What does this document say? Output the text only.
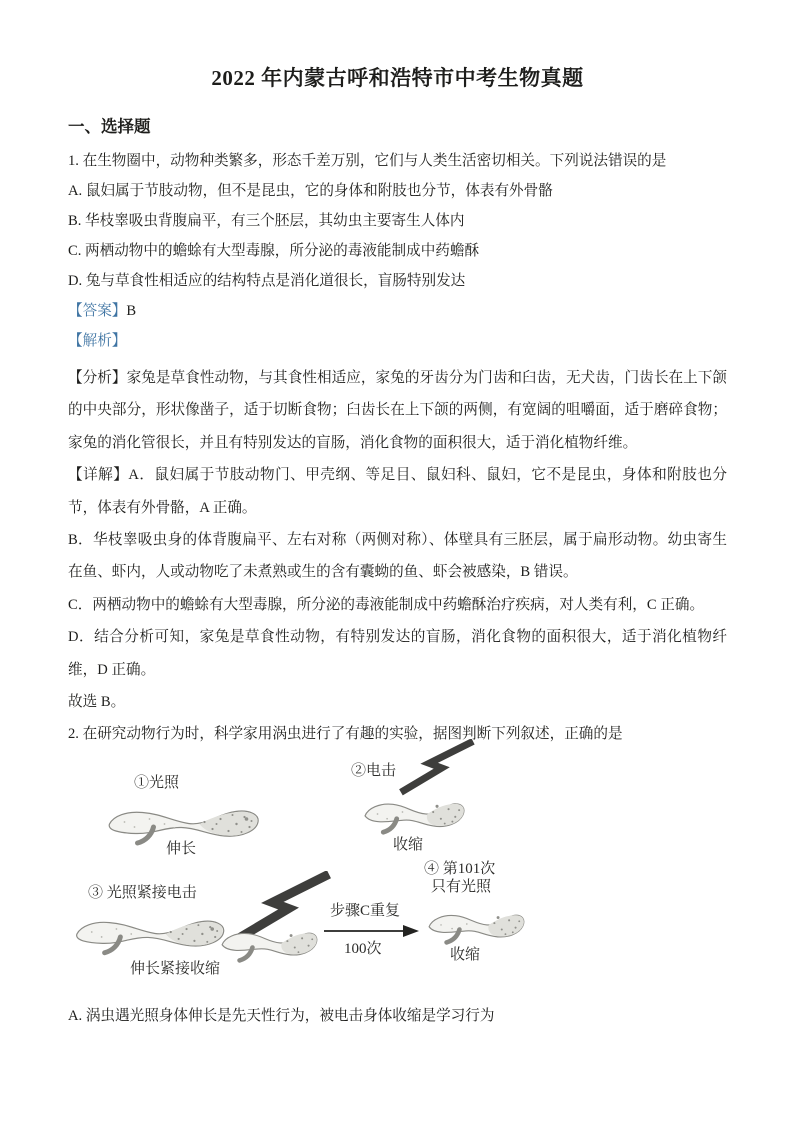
2022 年内蒙古呼和浩特市中考生物真题
一、选择题
1. 在生物圈中，动物种类繁多，形态千差万别，它们与人类生活密切相关。下列说法错误的是
A. 鼠妇属于节肢动物，但不是昆虫，它的身体和附肢也分节，体表有外骨骼
B. 华枝睾吸虫背腹扁平，有三个胚层，其幼虫主要寄生人体内
C. 两栖动物中的蟾蜍有大型毒腺，所分泌的毒液能制成中药蟾酥
D. 兔与草食性相适应的结构特点是消化道很长，盲肠特别发达
【答案】B
【解析】

【分析】家兔是草食性动物，与其食性相适应，家兔的牙齿分为门齿和臼齿，无犬齿，门齿长在上下颌的中央部分，形状像凿子，适于切断食物；臼齿长在上下颌的两侧，有宽阔的咀嚼面，适于磨碎食物；家兔的消化管很长，并且有特别发达的盲肠，消化食物的面积很大，适于消化植物纤维。

【详解】A．鼠妇属于节肢动物门、甲壳纲、等足目、鼠妇科、鼠妇，它不是昆虫，身体和附肢也分节，体表有外骨骼，A 正确。

B．华枝睾吸虫身的体背腹扁平、左右对称（两侧对称）、体壁具有三胚层，属于扁形动物。幼虫寄生在鱼、虾内，人或动物吃了未煮熟或生的含有囊蚴的鱼、虾会被感染，B 错误。

C．两栖动物中的蟾蜍有大型毒腺，所分泌的毒液能制成中药蟾酥治疗疾病，对人类有利，C 正确。

D．结合分析可知，家兔是草食性动物，有特别发达的盲肠，消化食物的面积很大，适于消化植物纤维，D 正确。

故选 B。

2. 在研究动物行为时，科学家用涡虫进行了有趣的实验，据图判断下列叙述，正确的是

①光照
伸长
②电击
收缩
③ 光照紧接电击
伸长紧接收缩
步骤C重复
100次
④ 第101次
只有光照
收缩
A. 涡虫遇光照身体伸长是先天性行为，被电击身体收缩是学习行为
